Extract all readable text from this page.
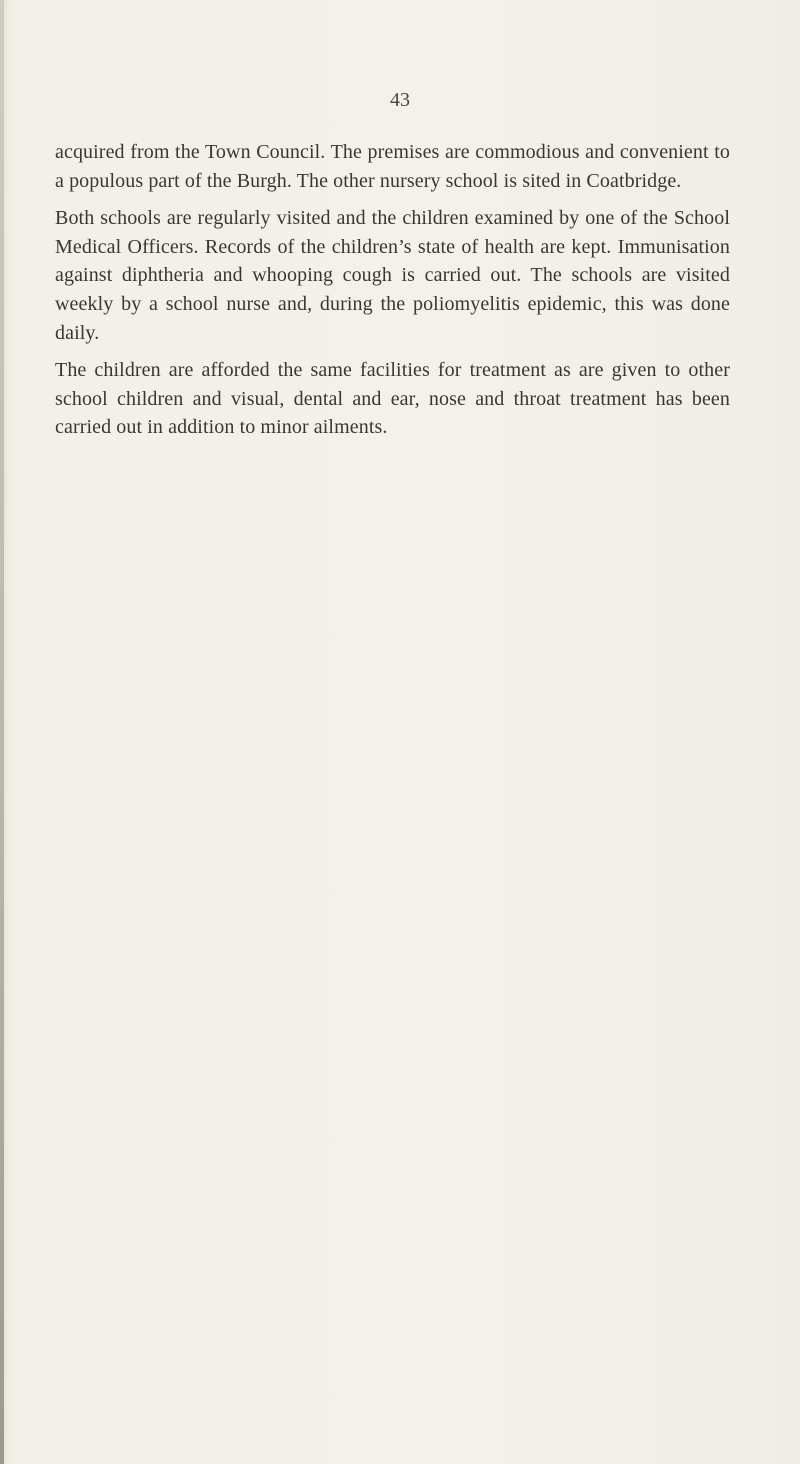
43

acquired from the Town Council. The premises are commodious and convenient to a populous part of the Burgh. The other nursery school is sited in Coatbridge.

Both schools are regularly visited and the children examined by one of the School Medical Officers. Records of the children’s state of health are kept. Immunisation against diphtheria and whooping cough is carried out. The schools are visited weekly by a school nurse and, during the poliomyelitis epidemic, this was done daily.

The children are afforded the same facilities for treatment as are given to other school children and visual, dental and ear, nose and throat treatment has been carried out in addition to minor ailments.
